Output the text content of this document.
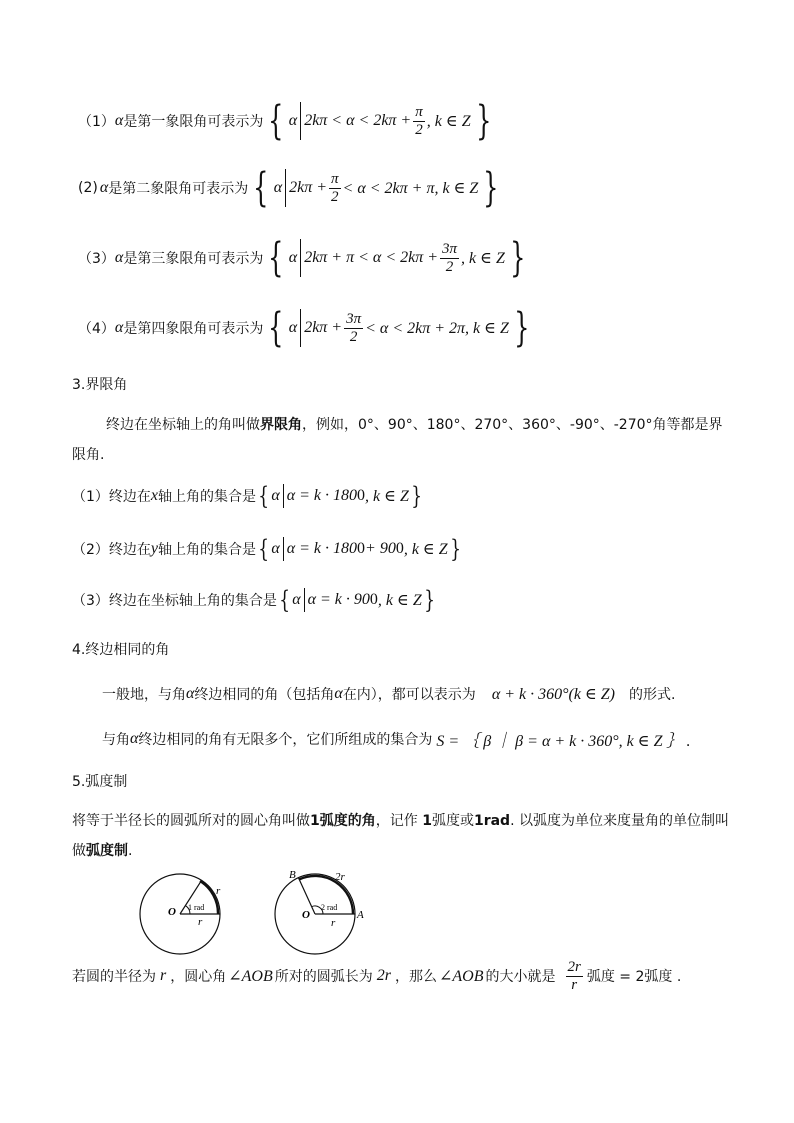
（1） α 是第一象限角可表示为 { α $2k\pi < \alpha < 2k\pi + \frac{\pi}{2}$ , k ∈ Z }
(2) α 是第二象限角可表示为 { α $2k\pi + \frac{\pi}{2} < \alpha < 2k\pi + \pi$, k ∈ Z }
（3） α 是第三象限角可表示为 { α $2k\pi + \pi < \alpha < 2k\pi + \frac{3\pi}{2}$ , k ∈ Z }
（4） α 是第四象限角可表示为 { α $2k\pi + \frac{3\pi}{2} < \alpha < 2k\pi + 2\pi$, k ∈ Z }
3.界限角
终边在坐标轴上的角叫做界限角，例如，0°、90°、180°、270°、360°、-90°、-270°角等都是界限角.
（1）终边在 x 轴上角的集合是 { α α = k · 180 0 , k ∈ Z }
（2）终边在 y 轴上角的集合是 { α α = k · 180 0 + 90 0 , k ∈ Z }
（3）终边在坐标轴上角的集合是 { α α = k · 90 0 , k ∈ Z }
4.终边相同的角
一般地，与角 α 终边相同的角（包括角 α 在内），都可以表示为 α + k · 360°(k ∈ Z) 的形式.
与角 α 终边相同的角有无限多个，它们所组成的集合为 S = ｛ β ｜ β = α + k · 360°, k ∈ Z ｝ .
5.弧度制
将等于半径长的圆弧所对的圆心角叫做1弧度的角，记作 1弧度或1rad. 以弧度为单位来度量角的单位制叫做弧度制.
O
r
r
1 rad
O
r
2r
2 rad
A
B
若圆的半径为 r ，圆心角 ∠AOB 所对的圆弧长为 2r ，那么 ∠AOB 的大小就是 $\frac{2r}{r}$ 弧度 = 2弧度 .
